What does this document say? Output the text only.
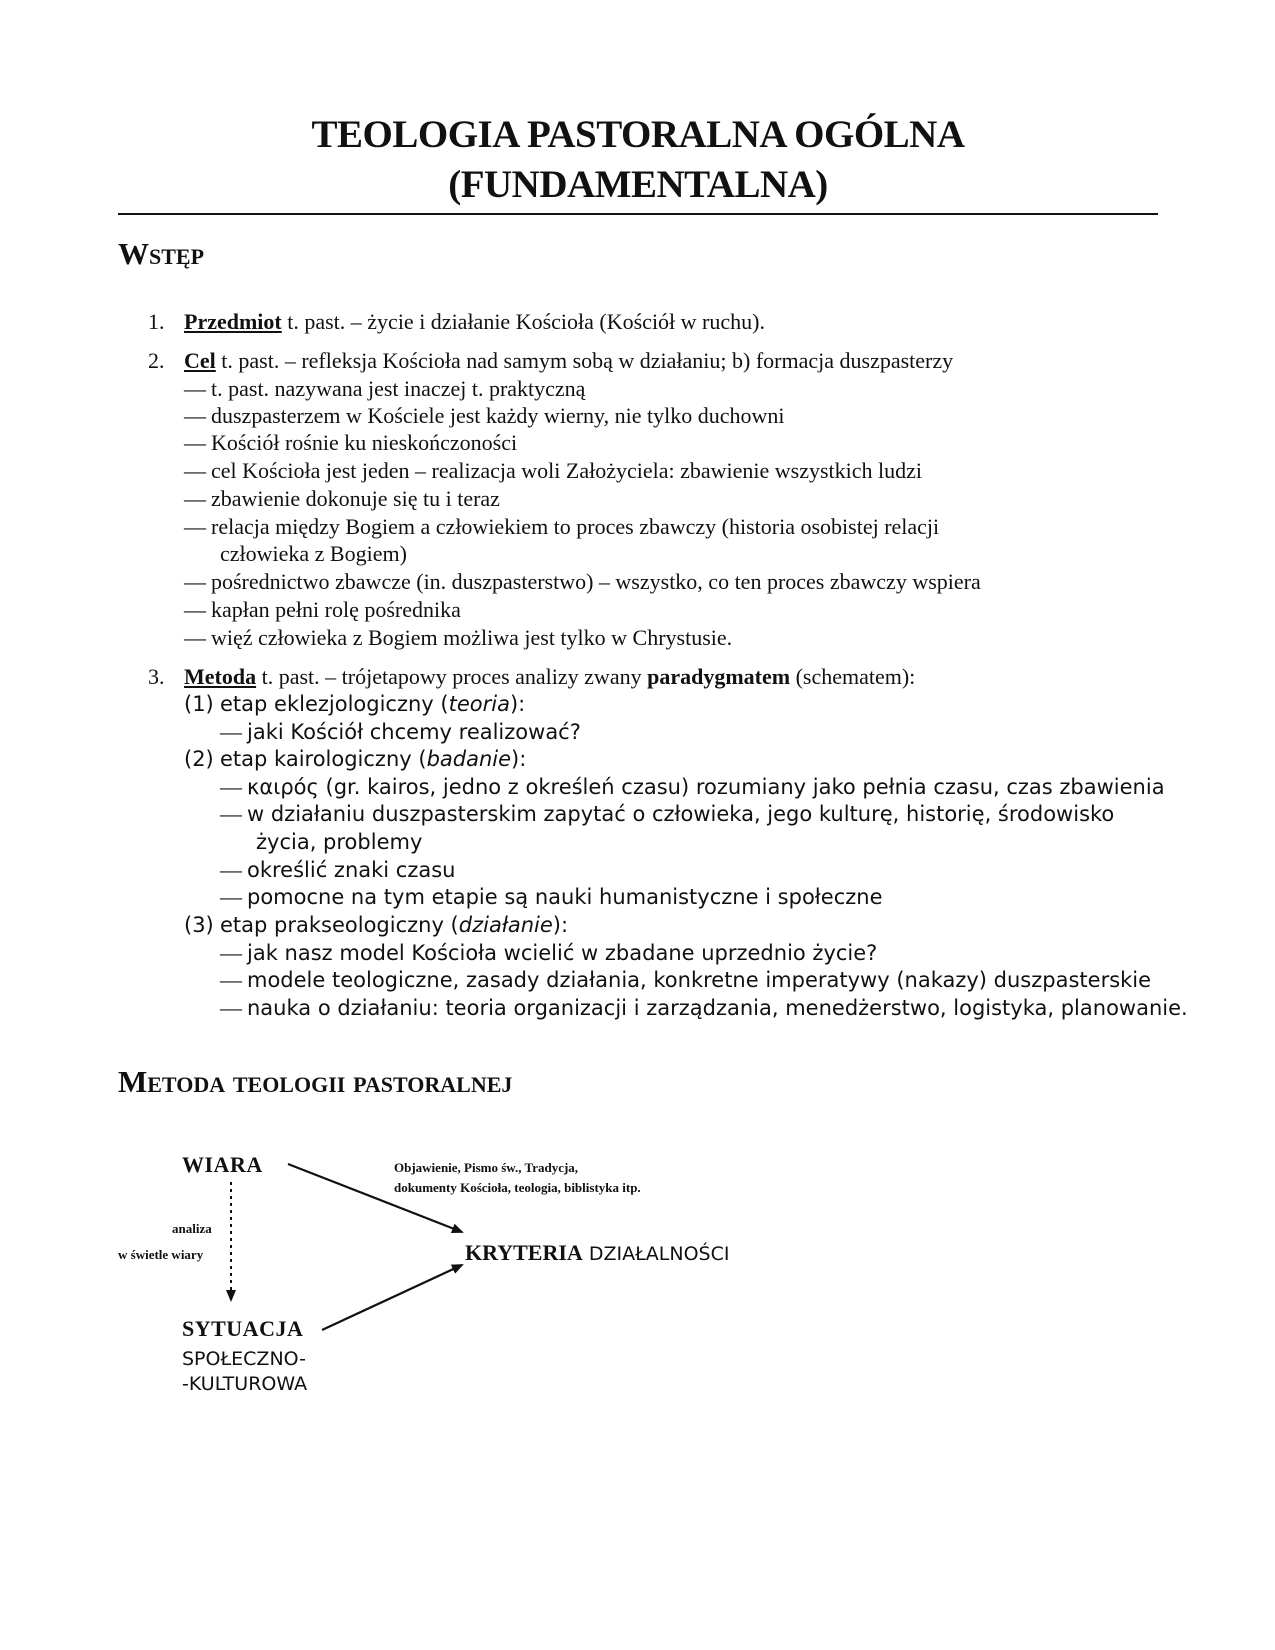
TEOLOGIA PASTORALNA OGÓLNA
(FUNDAMENTALNA)
Wstęp
1. Przedmiot t. past. – życie i działanie Kościoła (Kościół w ruchu).
2. Cel t. past. – refleksja Kościoła nad samym sobą w działaniu; b) formacja duszpasterzy
— t. past. nazywana jest inaczej t. praktyczną
— duszpasterzem w Kościele jest każdy wierny, nie tylko duchowni
— Kościół rośnie ku nieskończoności
— cel Kościoła jest jeden – realizacja woli Założyciela: zbawienie wszystkich ludzi
— zbawienie dokonuje się tu i teraz
— relacja między Bogiem a człowiekiem to proces zbawczy (historia osobistej relacji
człowieka z Bogiem)
— pośrednictwo zbawcze (in. duszpasterstwo) – wszystko, co ten proces zbawczy wspiera
— kapłan pełni rolę pośrednika
— więź człowieka z Bogiem możliwa jest tylko w Chrystusie.
3. Metoda t. past. – trójetapowy proces analizy zwany paradygmatem (schematem):
(1) etap eklezjologiczny (teoria):
— jaki Kościół chcemy realizować?
(2) etap kairologiczny (badanie):
— καιρός (gr. kairos, jedno z określeń czasu) rozumiany jako pełnia czasu, czas zbawienia
— w działaniu duszpasterskim zapytać o człowieka, jego kulturę, historię, środowisko
życia, problemy
— określić znaki czasu
— pomocne na tym etapie są nauki humanistyczne i społeczne
(3) etap prakseologiczny (działanie):
— jak nasz model Kościoła wcielić w zbadane uprzednio życie?
— modele teologiczne, zasady działania, konkretne imperatywy (nakazy) duszpasterskie
— nauka o działaniu: teoria organizacji i zarządzania, menedżerstwo, logistyka, planowanie.
Metoda teologii pastoralnej
WIARA	Objawienie, Pismo św., Tradycja,
dokumenty Kościoła, teologia, biblistyka itp.
analiza
w świetle wiary	KRYTERIA DZIAŁALNOŚCI
SYTUACJA
SPOŁECZNO-
-KULTUROWA
